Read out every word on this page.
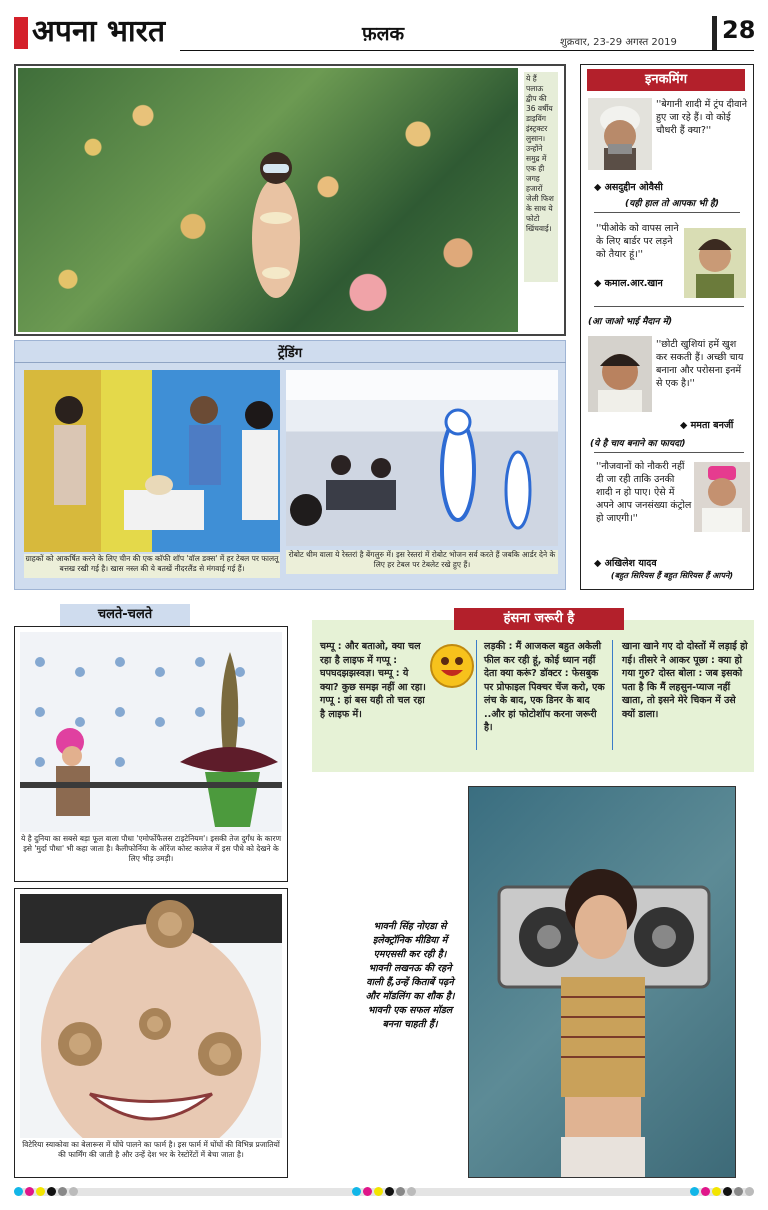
अपना भारत	फ़लक	शुक्रवार, 23-29 अगस्त 2019 28
ये हैं पलाऊ द्वीप की 36 वर्षीय डाइविंग इंस्ट्रक्टर लुसान। उन्होंने समुद्र में एक ही जगह हजारों जेली फिश के साथ ये फोटो खिंचवाई।
ट्रेंडिंग
ग्राहकों को आकर्षित करने के लिए चीन की एक कॉफी शॉप 'वॉल डक्स' में हर टेबल पर फालतू बत्तख रखी गई है। खास नस्ल की ये बतखें नीदरलैंड से मंगवाई गई हैं।
रोबोट थीम वाला ये रेस्तरां है बेंगलुरु में। इस रेस्तरां में रोबोट भोजन सर्व करते हैं जबकि आर्डर देने के लिए हर टेबल पर टेबलेट रखे हुए हैं।
इनकमिंग
''बेगानी शादी में ट्रंप दीवाने हुए जा रहे हैं। वो कोई चौधरी हैं क्या?''
◆ असदुद्दीन ओवैसी
(यही हाल तो आपका भी है)
''पीओके को वापस लाने के लिए बार्डर पर लड़ने को तैयार हूं।''
◆ कमाल.आर.खान
(आ जाओ भाई मैदान में)
''छोटी खुशियां हमें खुश कर सकती हैं। अच्छी चाय बनाना और परोसना इनमें से एक है।''
◆ ममता बनर्जी
(ये है चाय बनाने का फायदा)
''नौजवानों को नौकरी नहीं दी जा रही ताकि उनकी शादी न हो पाए। ऐसे में अपने आप जनसंख्या कंट्रोल हो जाएगी।''
◆ अखिलेश यादव
(बहुत सिरियस हैं बहुत सिरियस हैं आपने)
चलते-चलते
ये है दुनिया का सबसे बड़ा फूल वाला पौधा 'एमोर्फोफैलस टाइटेनियम'। इसकी तेज दुर्गंध के कारण इसे 'मुर्दा पौधा' भी कहा जाता है। कैलीफोर्निया के ऑरेंज कोस्ट कालेज में इस पौधे को देखने के लिए भीड़ उमड़ी।
विटेरिया स्याकोवा का बेलारूस में घोंघे पालने का फार्म है। इस फार्म में घोंघों की विभिन्न प्रजातियों की फार्मिंग की जाती है और उन्हें देश भर के रेस्टोरेंटों में बेचा जाता है।
हंसना जरूरी है
चम्पू : और बताओ, क्या चल रहा है लाइफ में गप्पू : घपघदझझस्वज्ञ। चम्पू : ये क्या? कुछ समझ नहीं आ रहा। गप्पू : हां बस यही तो चल रहा है लाइफ में।
लड़की : मैं आजकल बहुत अकेली फील कर रही हूं, कोई ध्यान नहीं देता क्या करूं? डॉक्टर : फेसबुक पर प्रोफाइल पिक्चर चेंज करो, एक लंच के बाद, एक डिनर के बाद ..और हां फोटोशॉप करना जरूरी है।
खाना खाने गए दो दोस्तों में लड़ाई हो गई। तीसरे ने आकर पूछा : क्या हो गया गुरु? दोस्त बोला : जब इसको पता है कि मैं लहसुन-प्याज नहीं खाता, तो इसने मेरे चिकन में उसे क्यों डाला।
भावनी सिंह नोएडा से इलेक्ट्रॉनिक मीडिया में एमएससी कर रही है। भावनी लखनऊ की रहने वाली हैं,उन्हें किताबें पढ़ने और मॉडलिंग का शौक है। भावनी एक सफल मॉडल बनना चाहती हैं।
